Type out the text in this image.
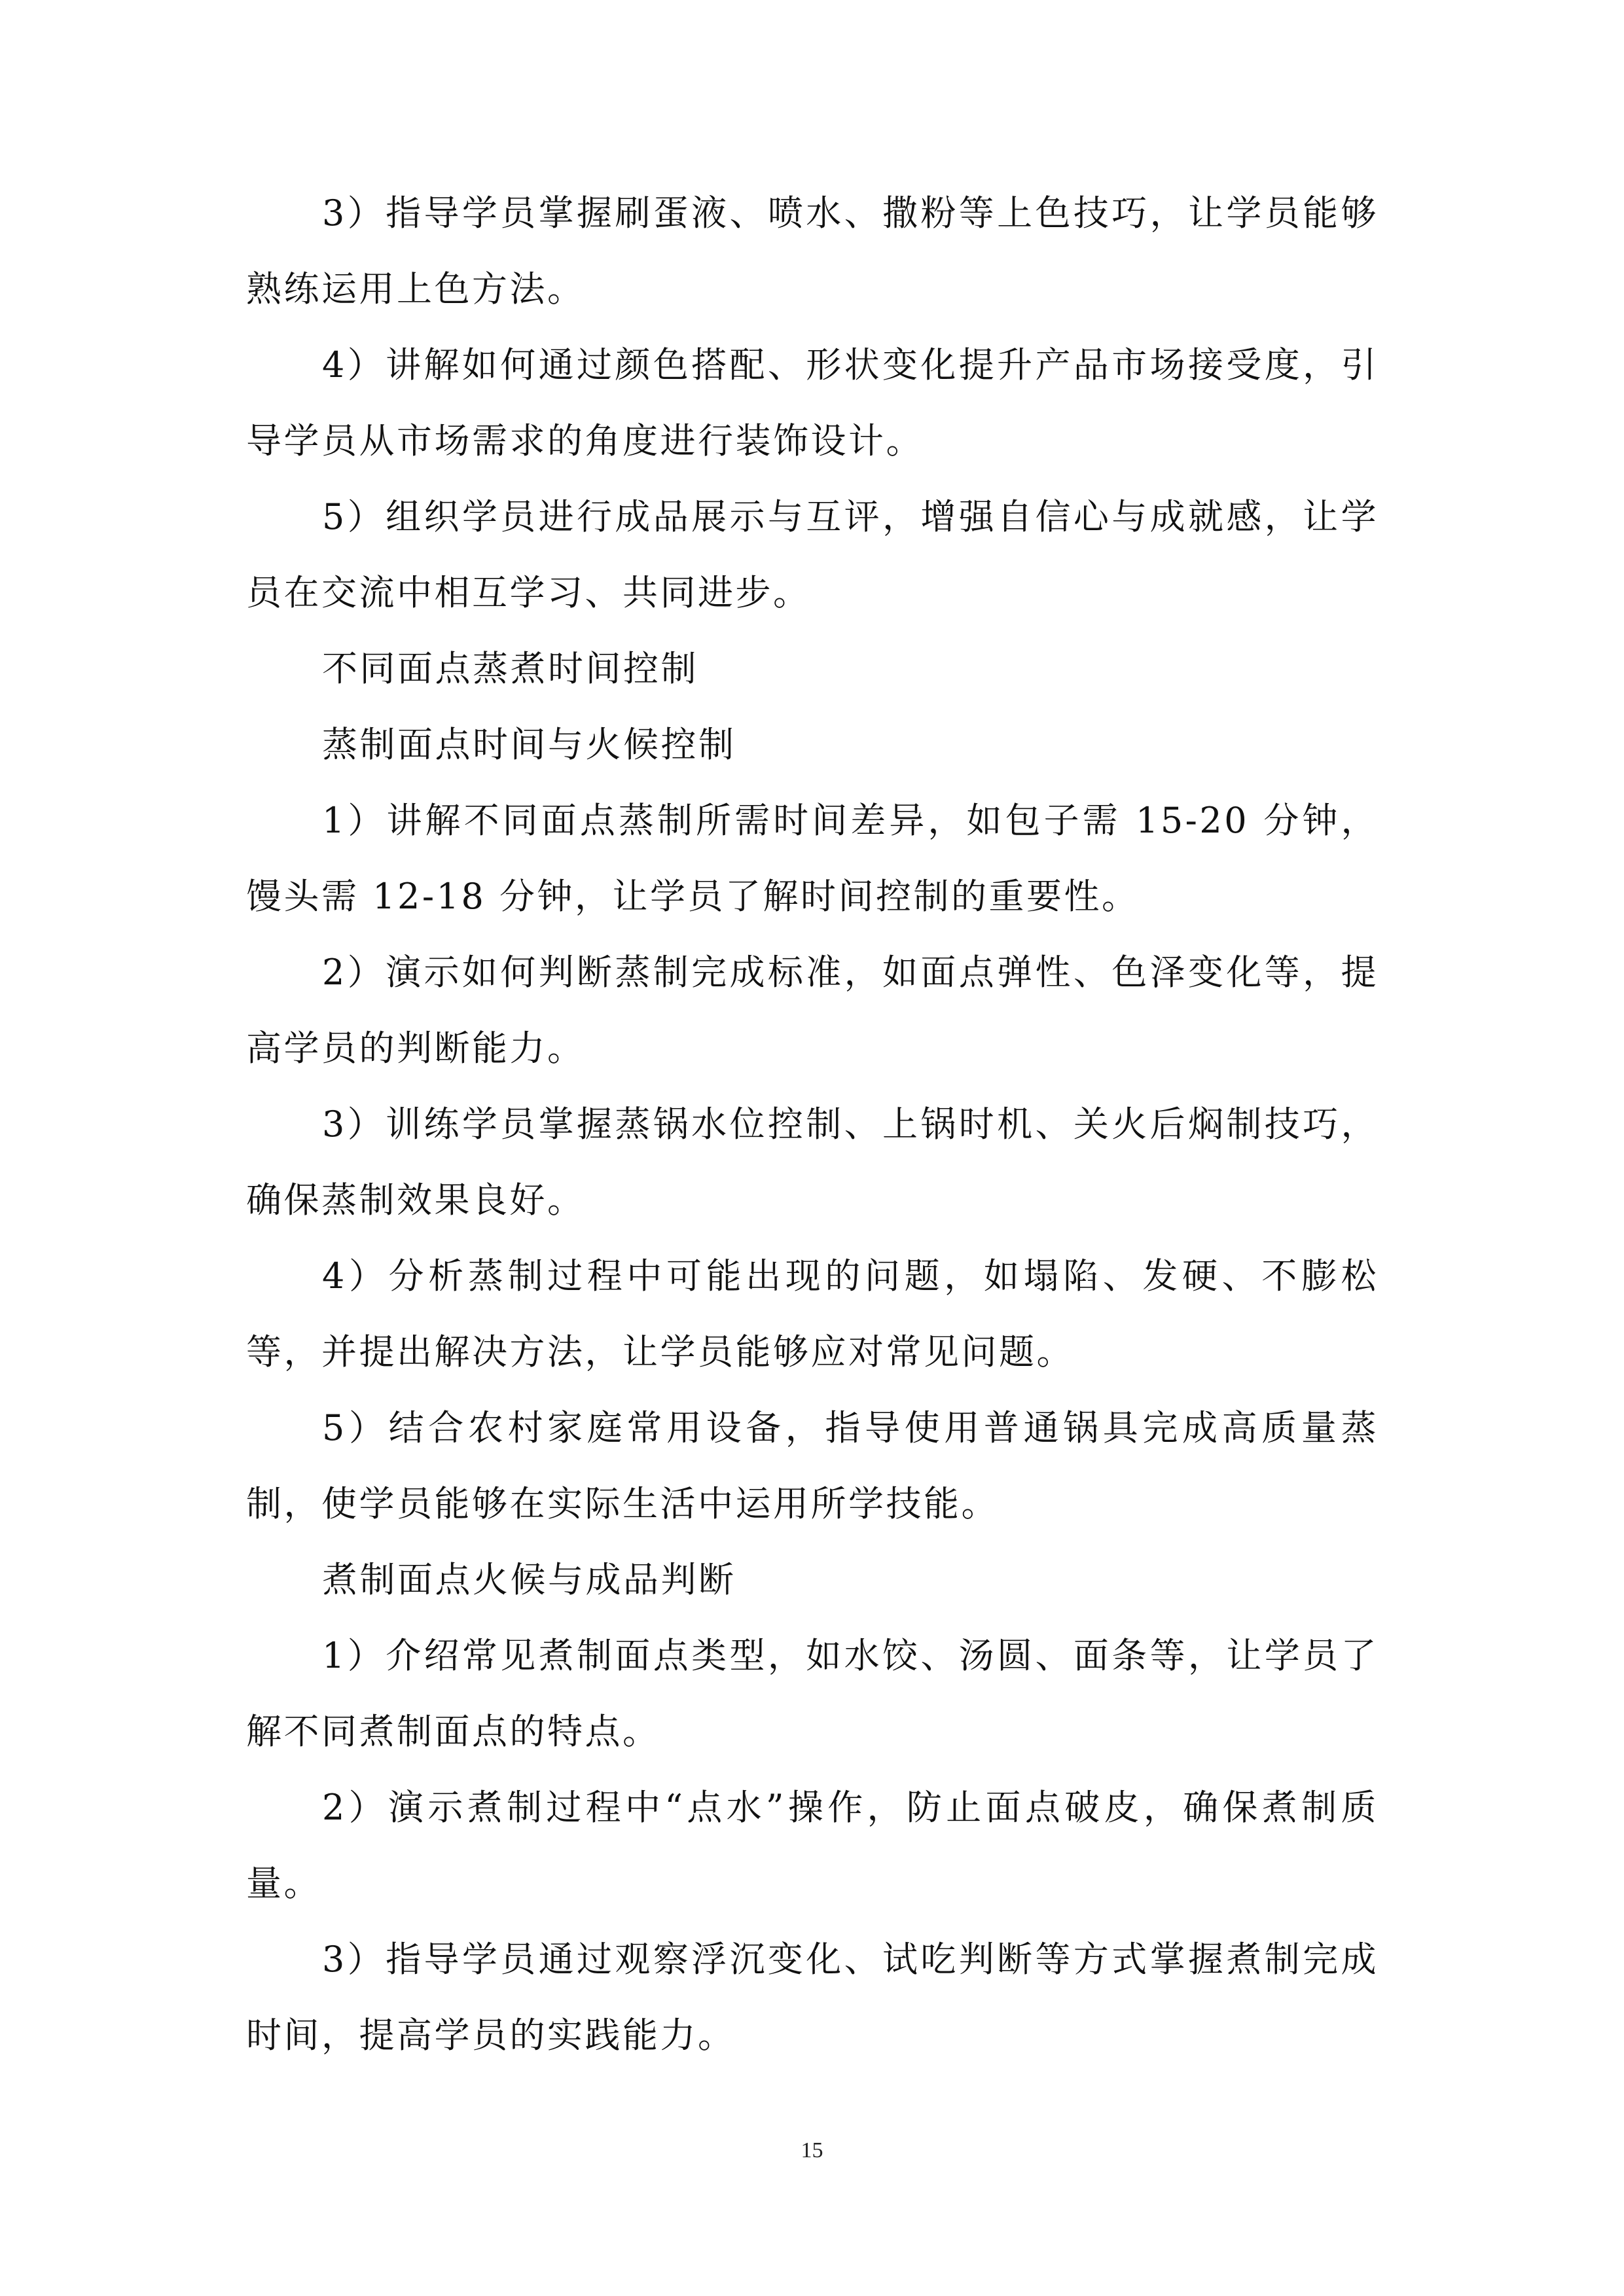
3）指导学员掌握刷蛋液、喷水、撒粉等上色技巧，让学员能够熟练运用上色方法。

4）讲解如何通过颜色搭配、形状变化提升产品市场接受度，引导学员从市场需求的角度进行装饰设计。

5）组织学员进行成品展示与互评，增强自信心与成就感，让学员在交流中相互学习、共同进步。

不同面点蒸煮时间控制

蒸制面点时间与火候控制

1）讲解不同面点蒸制所需时间差异，如包子需 15-20 分钟，馒头需 12-18 分钟，让学员了解时间控制的重要性。

2）演示如何判断蒸制完成标准，如面点弹性、色泽变化等，提高学员的判断能力。

3）训练学员掌握蒸锅水位控制、上锅时机、关火后焖制技巧，确保蒸制效果良好。

4）分析蒸制过程中可能出现的问题，如塌陷、发硬、不膨松等，并提出解决方法，让学员能够应对常见问题。

5）结合农村家庭常用设备，指导使用普通锅具完成高质量蒸制，使学员能够在实际生活中运用所学技能。

煮制面点火候与成品判断

1）介绍常见煮制面点类型，如水饺、汤圆、面条等，让学员了解不同煮制面点的特点。

2）演示煮制过程中“点水”操作，防止面点破皮，确保煮制质量。

3）指导学员通过观察浮沉变化、试吃判断等方式掌握煮制完成时间，提高学员的实践能力。

15
